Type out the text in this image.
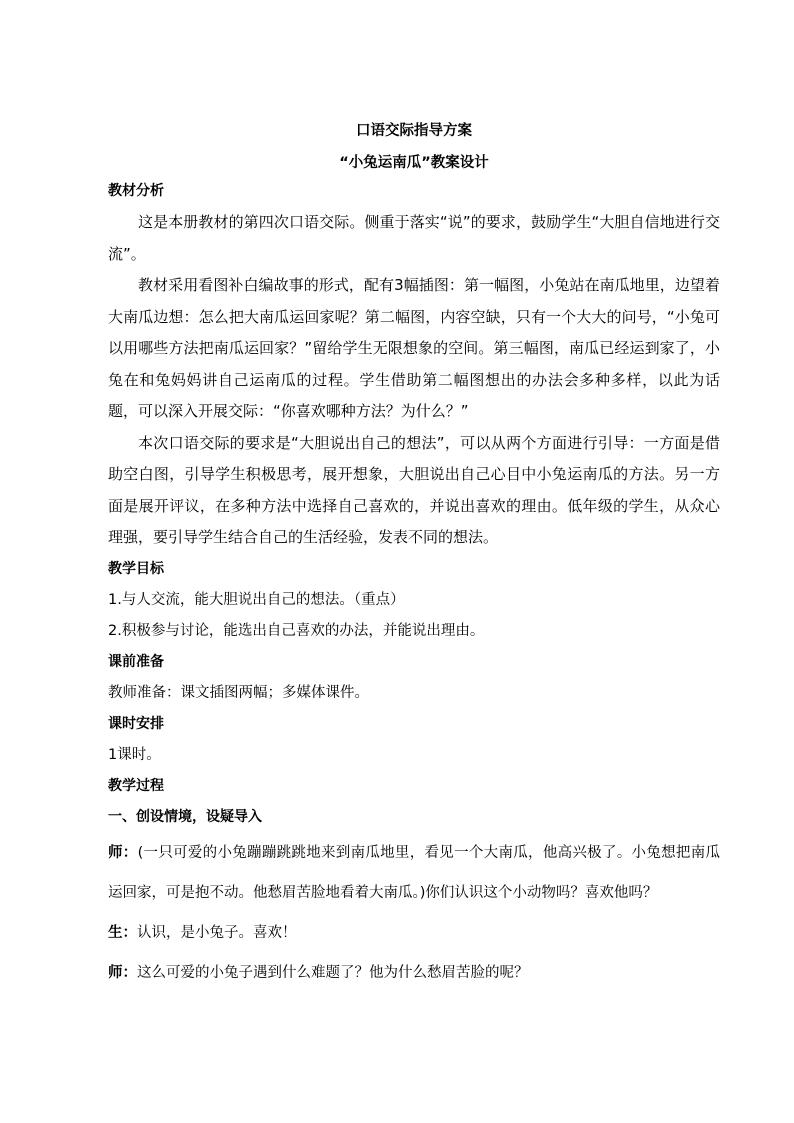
口语交际指导方案
“小兔运南瓜”教案设计
教材分析

这是本册教材的第四次口语交际。侧重于落实“说”的要求，鼓励学生“大胆自信地进行交流”。

教材采用看图补白编故事的形式，配有3幅插图：第一幅图，小兔站在南瓜地里，边望着大南瓜边想：怎么把大南瓜运回家呢？第二幅图，内容空缺，只有一个大大的问号，“小兔可以用哪些方法把南瓜运回家？”留给学生无限想象的空间。第三幅图，南瓜已经运到家了，小兔在和兔妈妈讲自己运南瓜的过程。学生借助第二幅图想出的办法会多种多样，以此为话题，可以深入开展交际：“你喜欢哪种方法？为什么？”

本次口语交际的要求是“大胆说出自己的想法”，可以从两个方面进行引导：一方面是借助空白图，引导学生积极思考，展开想象，大胆说出自己心目中小兔运南瓜的方法。另一方面是展开评议，在多种方法中选择自己喜欢的，并说出喜欢的理由。低年级的学生，从众心理强，要引导学生结合自己的生活经验，发表不同的想法。

教学目标
1.与人交流，能大胆说出自己的想法。（重点）
2.积极参与讨论，能选出自己喜欢的办法，并能说出理由。
课前准备
教师准备：课文插图两幅；多媒体课件。
课时安排
1课时。
教学过程
一、创设情境，设疑导入

师：(一只可爱的小兔蹦蹦跳跳地来到南瓜地里，看见一个大南瓜，他高兴极了。小兔想把南瓜运回家，可是抱不动。他愁眉苦脸地看着大南瓜。)你们认识这个小动物吗？喜欢他吗？

生：认识，是小兔子。喜欢！

师：这么可爱的小兔子遇到什么难题了？他为什么愁眉苦脸的呢？
